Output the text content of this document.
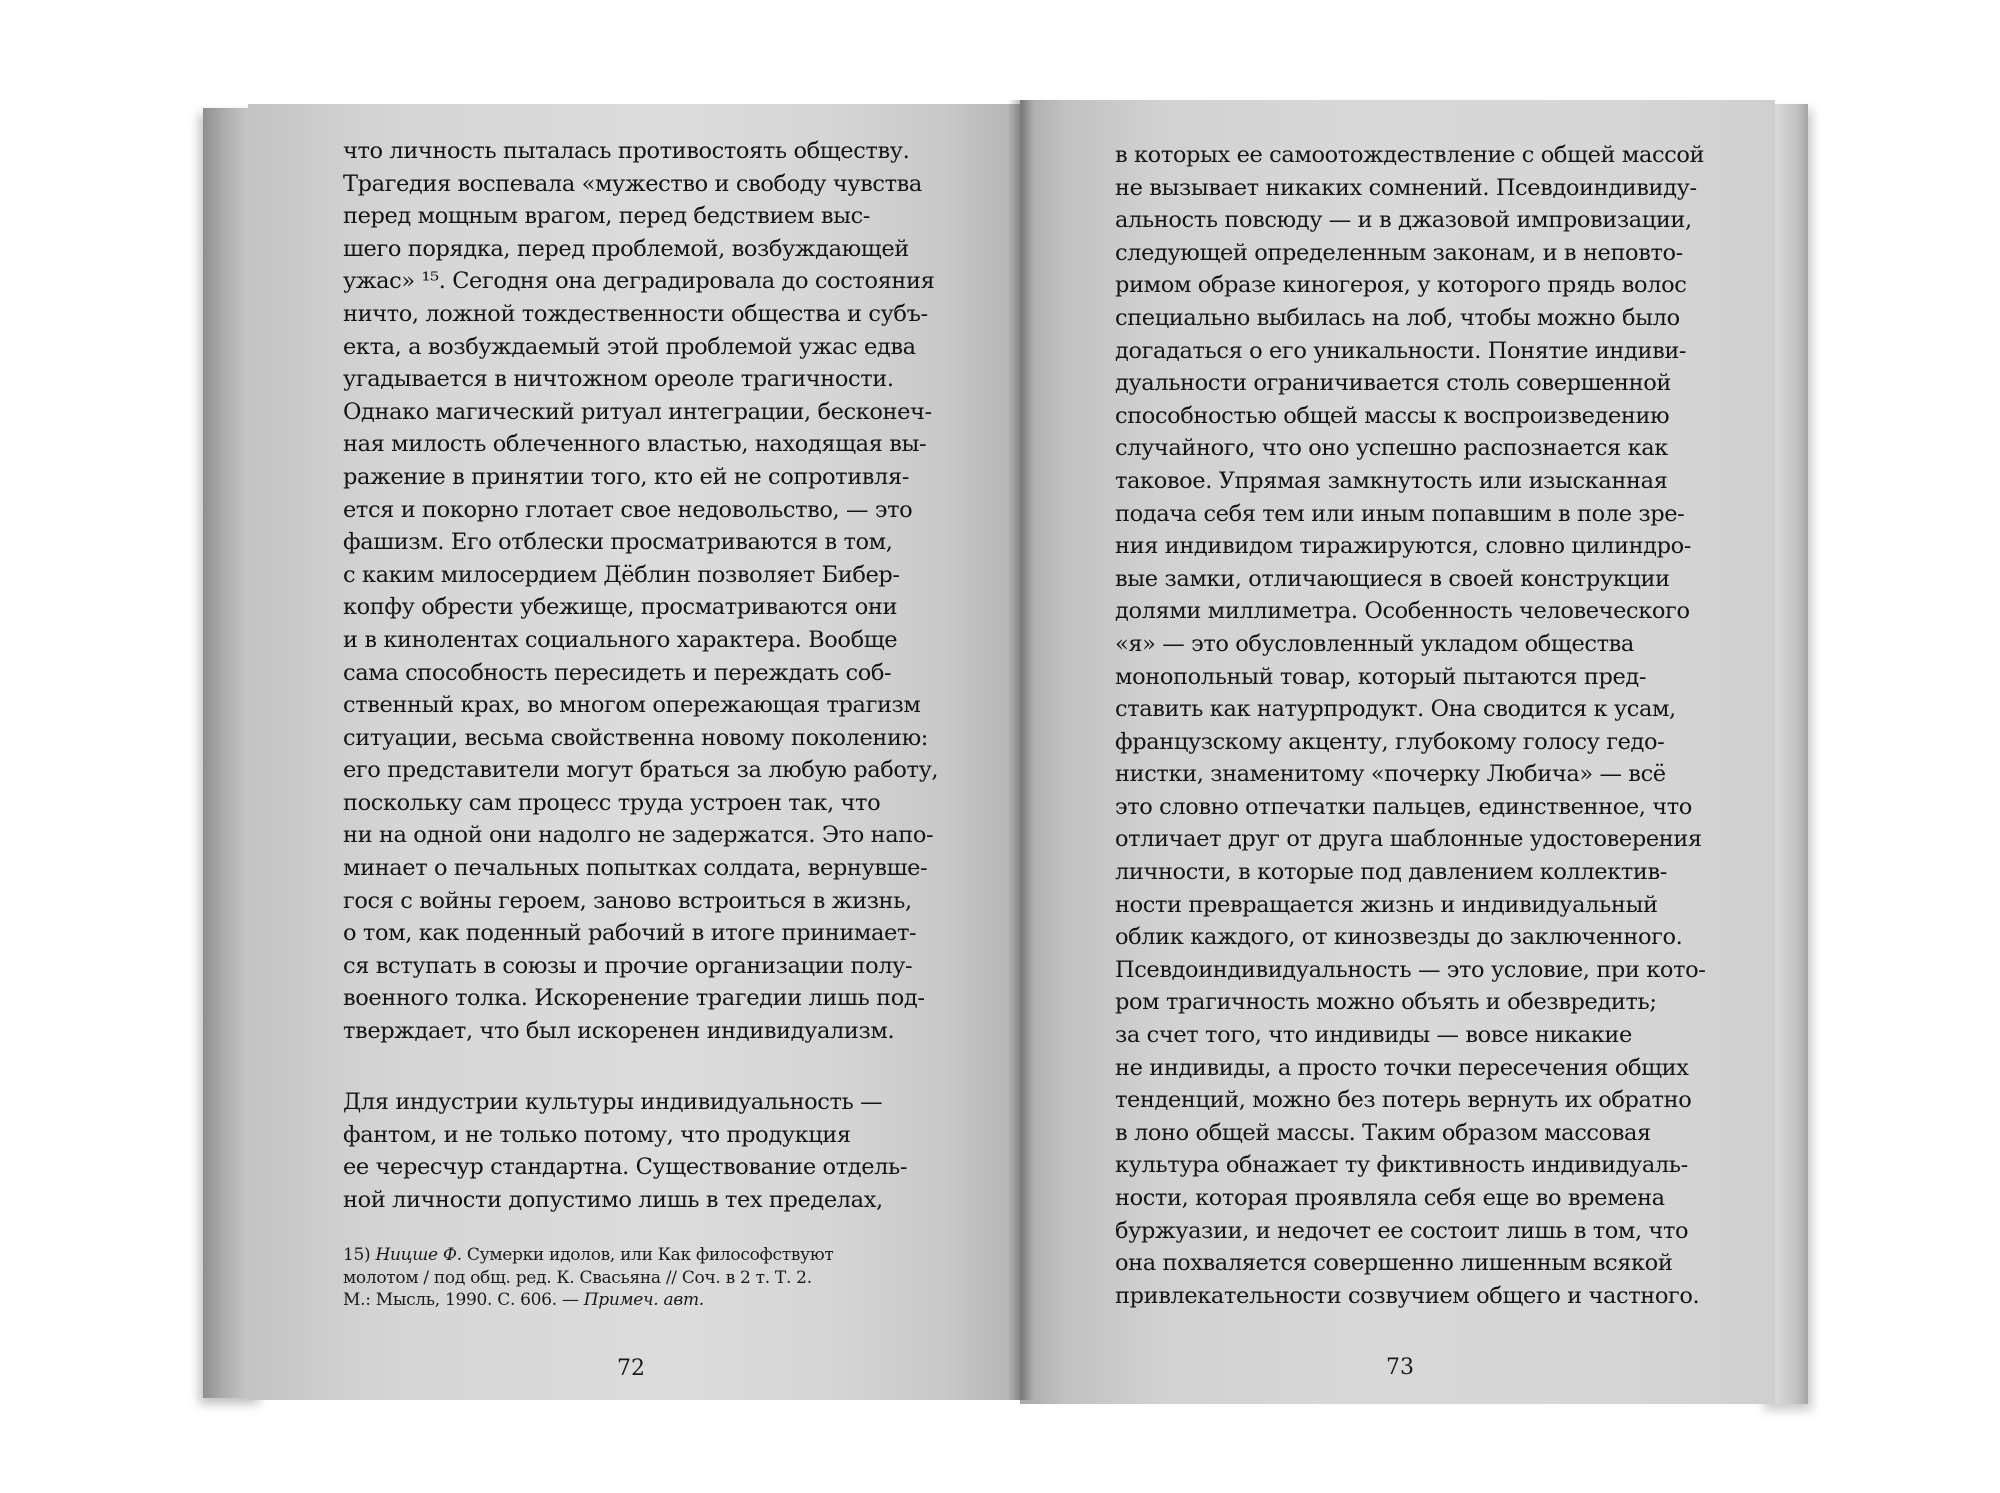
что личность пыталась противостоять обществу.
Трагедия воспевала «мужество и свободу чувства
перед мощным врагом, перед бедствием выс-
шего порядка, перед проблемой, возбуждающей
ужас» ¹⁵. Сегодня она деградировала до состояния
ничто, ложной тождественности общества и субъ-
екта, а возбуждаемый этой проблемой ужас едва
угадывается в ничтожном ореоле трагичности.
Однако магический ритуал интеграции, бесконеч-
ная милость облеченного властью, находящая вы-
ражение в принятии того, кто ей не сопротивля-
ется и покорно глотает свое недовольство, — это
фашизм. Его отблески просматриваются в том,
с каким милосердием Дёблин позволяет Бибер-
копфу обрести убежище, просматриваются они
и в кинолентах социального характера. Вообще
сама способность пересидеть и переждать соб-
ственный крах, во многом опережающая трагизм
ситуации, весьма свойственна новому поколению:
его представители могут браться за любую работу,
поскольку сам процесс труда устроен так, что
ни на одной они надолго не задержатся. Это напо-
минает о печальных попытках солдата, вернувше-
гося с войны героем, заново встроиться в жизнь,
о том, как поденный рабочий в итоге принимает-
ся вступать в союзы и прочие организации полу-
военного толка. Искоренение трагедии лишь под-
тверждает, что был искоренен индивидуализм.
Для индустрии культуры индивидуальность —
фантом, и не только потому, что продукция
ее чересчур стандартна. Существование отдель-
ной личности допустимо лишь в тех пределах,
15) Ницше Ф. Сумерки идолов, или Как философствуют
молотом / под общ. ред. К. Свасьяна // Соч. в 2 т. Т. 2.
М.: Мысль, 1990. С. 606. — Примеч. авт.
72
в которых ее самоотождествление с общей массой
не вызывает никаких сомнений. Псевдоиндивиду-
альность повсюду — и в джазовой импровизации,
следующей определенным законам, и в неповто-
римом образе киногероя, у которого прядь волос
специально выбилась на лоб, чтобы можно было
догадаться о его уникальности. Понятие индиви-
дуальности ограничивается столь совершенной
способностью общей массы к воспроизведению
случайного, что оно успешно распознается как
таковое. Упрямая замкнутость или изысканная
подача себя тем или иным попавшим в поле зре-
ния индивидом тиражируются, словно цилиндро-
вые замки, отличающиеся в своей конструкции
долями миллиметра. Особенность человеческого
«я» — это обусловленный укладом общества
монопольный товар, который пытаются пред-
ставить как натурпродукт. Она сводится к усам,
французскому акценту, глубокому голосу гедо-
нистки, знаменитому «почерку Любича» — всё
это словно отпечатки пальцев, единственное, что
отличает друг от друга шаблонные удостоверения
личности, в которые под давлением коллектив-
ности превращается жизнь и индивидуальный
облик каждого, от кинозвезды до заключенного.
Псевдоиндивидуальность — это условие, при кото-
ром трагичность можно объять и обезвредить;
за счет того, что индивиды — вовсе никакие
не индивиды, а просто точки пересечения общих
тенденций, можно без потерь вернуть их обратно
в лоно общей массы. Таким образом массовая
культура обнажает ту фиктивность индивидуаль-
ности, которая проявляла себя еще во времена
буржуазии, и недочет ее состоит лишь в том, что
она похваляется совершенно лишенным всякой
привлекательности созвучием общего и частного.
73
